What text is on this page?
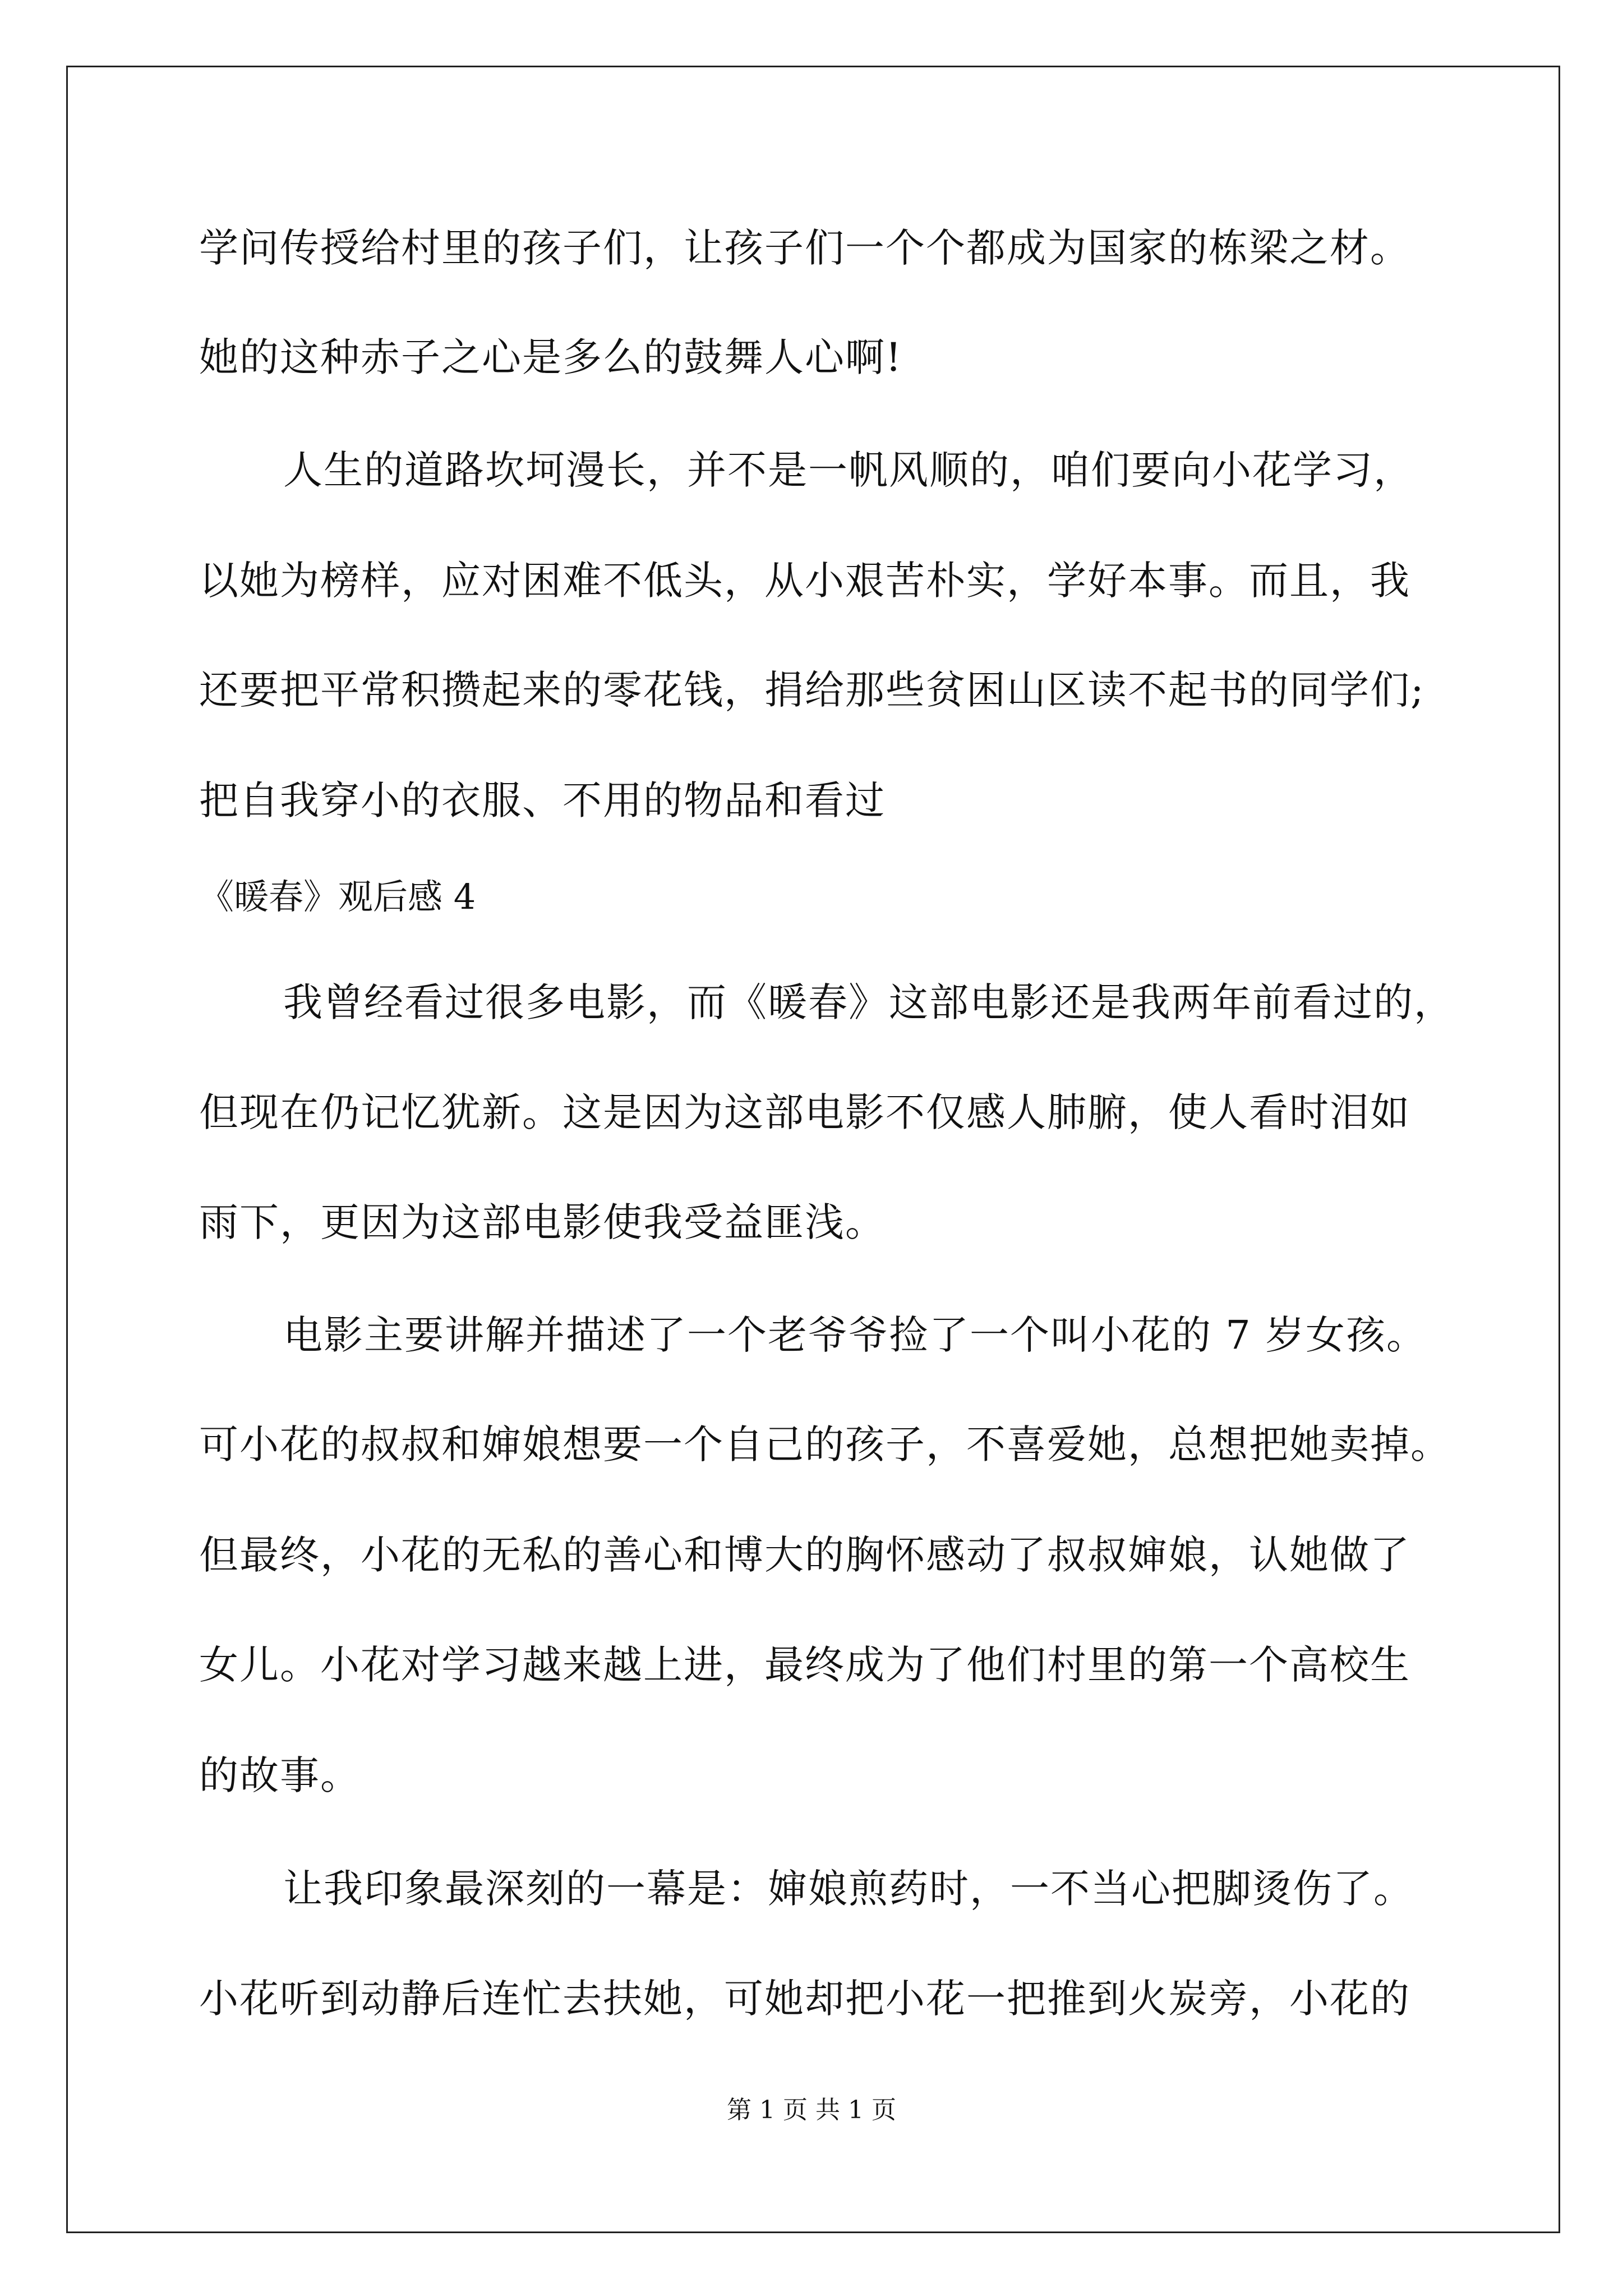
学问传授给村里的孩子们，让孩子们一个个都成为国家的栋梁之材。
她的这种赤子之心是多么的鼓舞人心啊!
人生的道路坎坷漫长，并不是一帆风顺的，咱们要向小花学习，
以她为榜样，应对困难不低头，从小艰苦朴实，学好本事。而且，我
还要把平常积攒起来的零花钱，捐给那些贫困山区读不起书的同学们;
把自我穿小的衣服、不用的物品和看过
《暖春》观后感 4
我曾经看过很多电影，而《暖春》这部电影还是我两年前看过的，
但现在仍记忆犹新。这是因为这部电影不仅感人肺腑，使人看时泪如
雨下，更因为这部电影使我受益匪浅。
电影主要讲解并描述了一个老爷爷捡了一个叫小花的 7 岁女孩。
可小花的叔叔和婶娘想要一个自己的孩子，不喜爱她，总想把她卖掉。
但最终，小花的无私的善心和博大的胸怀感动了叔叔婶娘，认她做了
女儿。小花对学习越来越上进，最终成为了他们村里的第一个高校生
的故事。
让我印象最深刻的一幕是：婶娘煎药时，一不当心把脚烫伤了。
小花听到动静后连忙去扶她，可她却把小花一把推到火炭旁，小花的
第 1 页 共 1 页
